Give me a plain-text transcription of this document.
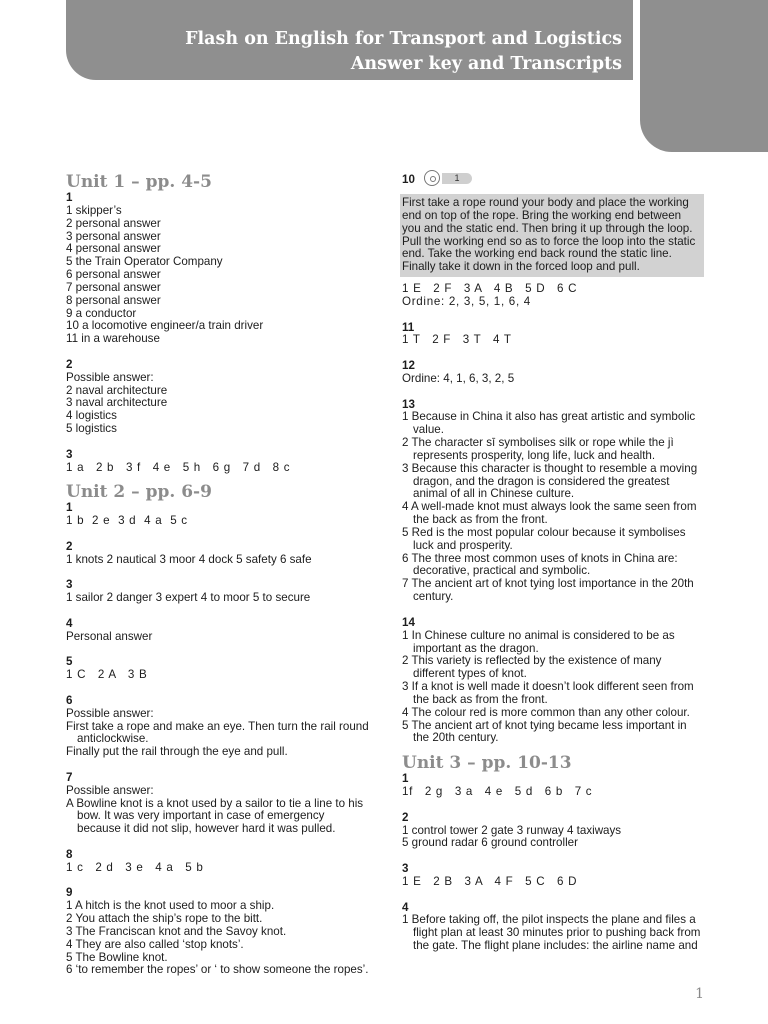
Flash on English for Transport and Logistics
Answer key and Transcripts
Unit 1 – pp. 4-5
1
1 skipper’s
2 personal answer
3 personal answer
4 personal answer
5 the Train Operator Company
6 personal answer
7 personal answer
8 personal answer
9 a conductor
10 a locomotive engineer/a train driver
11 in a warehouse
2
Possible answer:
2 naval architecture
3 naval architecture
4 logistics
5 logistics
3
1 a   2 b   3 f   4 e   5 h   6 g   7 d   8 c
Unit 2 – pp. 6-9
1
1 b  2 e  3 d  4 a  5 c
2
1 knots 2 nautical 3 moor 4 dock 5 safety 6 safe
3
1 sailor 2 danger 3 expert 4 to moor 5 to secure
4
Personal answer
5
1 C   2 A   3 B
6
Possible answer:
First take a rope and make an eye. Then turn the rail round anticlockwise.
Finally put the rail through the eye and pull.
7
Possible answer:
A Bowline knot is a knot used by a sailor to tie a line to his bow. It was very important in case of emergency because it did not slip, however hard it was pulled.
8
1 c   2 d   3 e   4 a   5 b
9
1 A hitch is the knot used to moor a ship.
2 You attach the ship’s rope to the bitt.
3 The Franciscan knot and the Savoy knot.
4 They are also called ‘stop knots’.
5 The Bowline knot.
6 ‘to remember the ropes’ or ‘ to show someone the ropes’.
10	1
First take a rope round your body and place the working end on top of the rope. Bring the working end between you and the static end. Then bring it up through the loop. Pull the working end so as to force the loop into the static end. Take the working end back round the static line. Finally take it down in the forced loop and pull.
1 E   2 F   3 A   4 B   5 D   6 C
Ordine: 2, 3, 5, 1, 6, 4
11
1 T   2 F   3 T   4 T
12
Ordine: 4, 1, 6, 3, 2, 5
13
1 Because in China it also has great artistic and symbolic value.
2 The character sī symbolises silk or rope while the jì represents prosperity, long life, luck and health.
3 Because this character is thought to resemble a moving dragon, and the dragon is considered the greatest animal of all in Chinese culture.
4 A well-made knot must always look the same seen from the back as from the front.
5 Red is the most popular colour because it symbolises luck and prosperity.
6 The three most common uses of knots in China are: decorative, practical and symbolic.
7 The ancient art of knot tying lost importance in the 20th century.
14
1 In Chinese culture no animal is considered to be as important as the dragon.
2 This variety is reflected by the existence of many different types of knot.
3 If a knot is well made it doesn’t look different seen from the back as from the front.
4 The colour red is more common than any other colour.
5 The ancient art of knot tying became less important in the 20th century.
Unit 3 – pp. 10-13
1
1f   2 g   3 a   4 e   5 d   6 b   7 c
2
1 control tower 2 gate 3 runway 4 taxiways
5 ground radar 6 ground controller
3
1 E   2 B   3 A   4 F   5 C   6 D
4
1 Before taking off, the pilot inspects the plane and files a flight plan at least 30 minutes prior to pushing back from the gate. The flight plane includes: the airline name and
1
